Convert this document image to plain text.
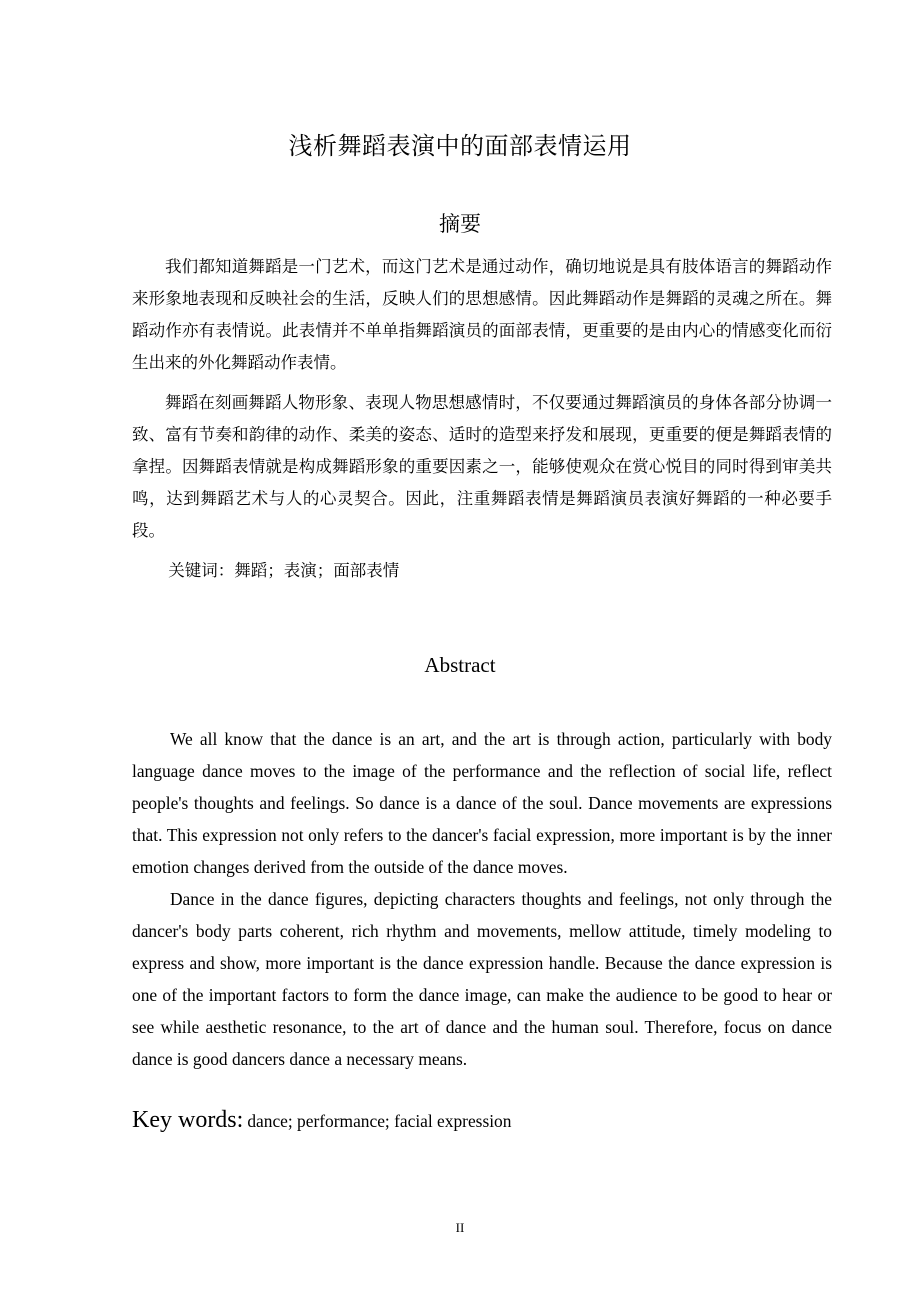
浅析舞蹈表演中的面部表情运用
摘要

我们都知道舞蹈是一门艺术，而这门艺术是通过动作，确切地说是具有肢体语言的舞蹈动作来形象地表现和反映社会的生活，反映人们的思想感情。因此舞蹈动作是舞蹈的灵魂之所在。舞蹈动作亦有表情说。此表情并不单单指舞蹈演员的面部表情，更重要的是由内心的情感变化而衍生出来的外化舞蹈动作表情。

舞蹈在刻画舞蹈人物形象、表现人物思想感情时，不仅要通过舞蹈演员的身体各部分协调一致、富有节奏和韵律的动作、柔美的姿态、适时的造型来抒发和展现，更重要的便是舞蹈表情的拿捏。因舞蹈表情就是构成舞蹈形象的重要因素之一，能够使观众在赏心悦目的同时得到审美共鸣，达到舞蹈艺术与人的心灵契合。因此，注重舞蹈表情是舞蹈演员表演好舞蹈的一种必要手段。

关键词：舞蹈；表演；面部表情

Abstract

We all know that the dance is an art, and the art is through action, particularly with body language dance moves to the image of the performance and the reflection of social life, reflect people's thoughts and feelings. So dance is a dance of the soul. Dance movements are expressions that. This expression not only refers to the dancer's facial expression, more important is by the inner emotion changes derived from the outside of the dance moves.

Dance in the dance figures, depicting characters thoughts and feelings, not only through the dancer's body parts coherent, rich rhythm and movements, mellow attitude, timely modeling to express and show, more important is the dance expression handle. Because the dance expression is one of the important factors to form the dance image, can make the audience to be good to hear or see while aesthetic resonance, to the art of dance and the human soul. Therefore, focus on dance dance is good dancers dance a necessary means.

Key words: dance; performance; facial expression
II
